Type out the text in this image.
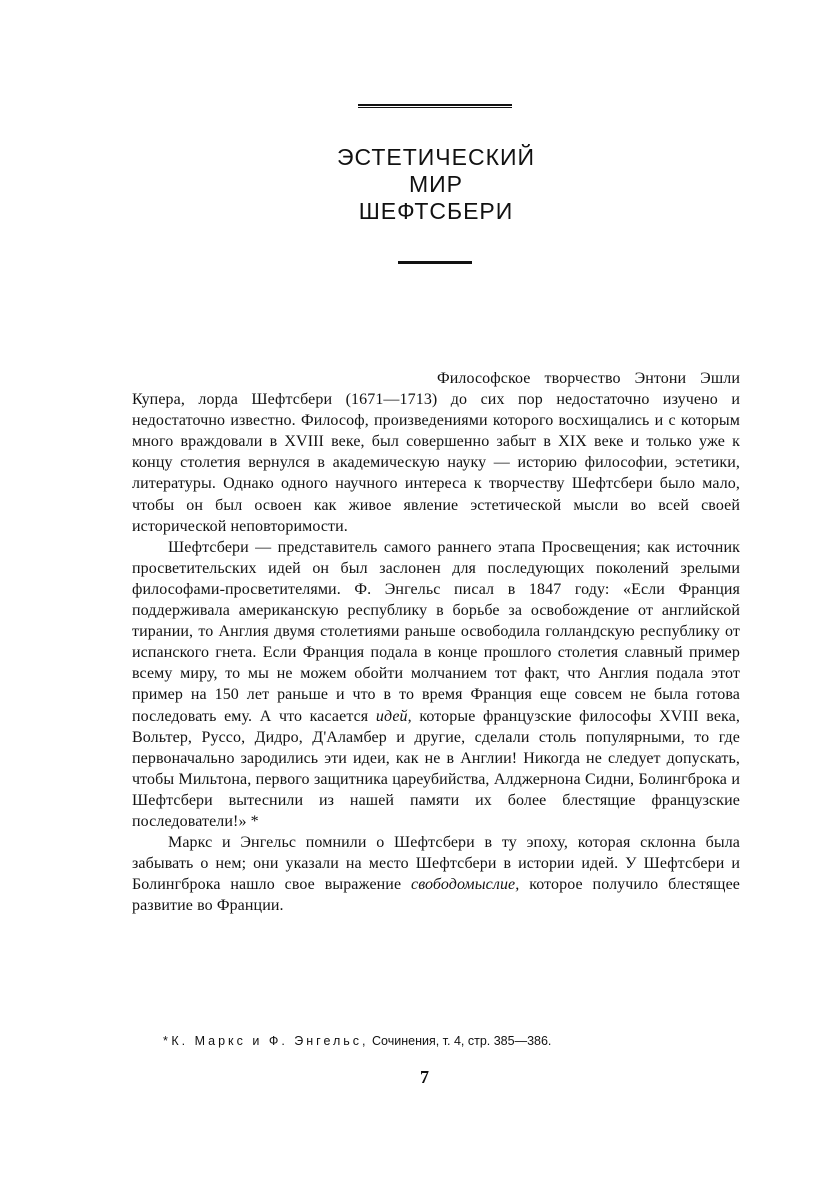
ЭСТЕТИЧЕСКИЙ
МИР
ШЕФТСБЕРИ

Философское творчество Энтони Эшли Купера, лорда Шефтсбери (1671—1713) до сих пор недостаточно изучено и недостаточно известно. Философ, произведениями которого восхищались и с которым много враждовали в XVIII веке, был совершенно забыт в XIX веке и только уже к концу столетия вернулся в академическую науку — историю философии, эстетики, литературы. Однако одного научного интереса к творчеству Шефтсбери было мало, чтобы он был освоен как живое явление эстетической мысли во всей своей исторической неповторимости.

Шефтсбери — представитель самого раннего этапа Просвещения; как источник просветительских идей он был заслонен для последующих поколений зрелыми философами-просветителями. Ф. Энгельс писал в 1847 году: «Если Франция поддерживала американскую республику в борьбе за освобождение от английской тирании, то Англия двумя столетиями раньше освободила голландскую республику от испанского гнета. Если Франция подала в конце прошлого столетия славный пример всему миру, то мы не можем обойти молчанием тот факт, что Англия подала этот пример на 150 лет раньше и что в то время Франция еще совсем не была готова последовать ему. А что касается идей, которые французские философы XVIII века, Вольтер, Руссо, Дидро, Д'Аламбер и другие, сделали столь популярными, то где первоначально зародились эти идеи, как не в Англии! Никогда не следует допускать, чтобы Мильтона, первого защитника цареубийства, Алджернона Сидни, Болингброка и Шефтсбери вытеснили из нашей памяти их более блестящие французские последователи!» *

Маркс и Энгельс помнили о Шефтсбери в ту эпоху, которая склонна была забывать о нем; они указали на место Шефтсбери в истории идей. У Шефтсбери и Болингброка нашло свое выражение свободомыслие, которое получило блестящее развитие во Франции.

* К. Маркс и Ф. Энгельс, Сочинения, т. 4, стр. 385—386.
7
